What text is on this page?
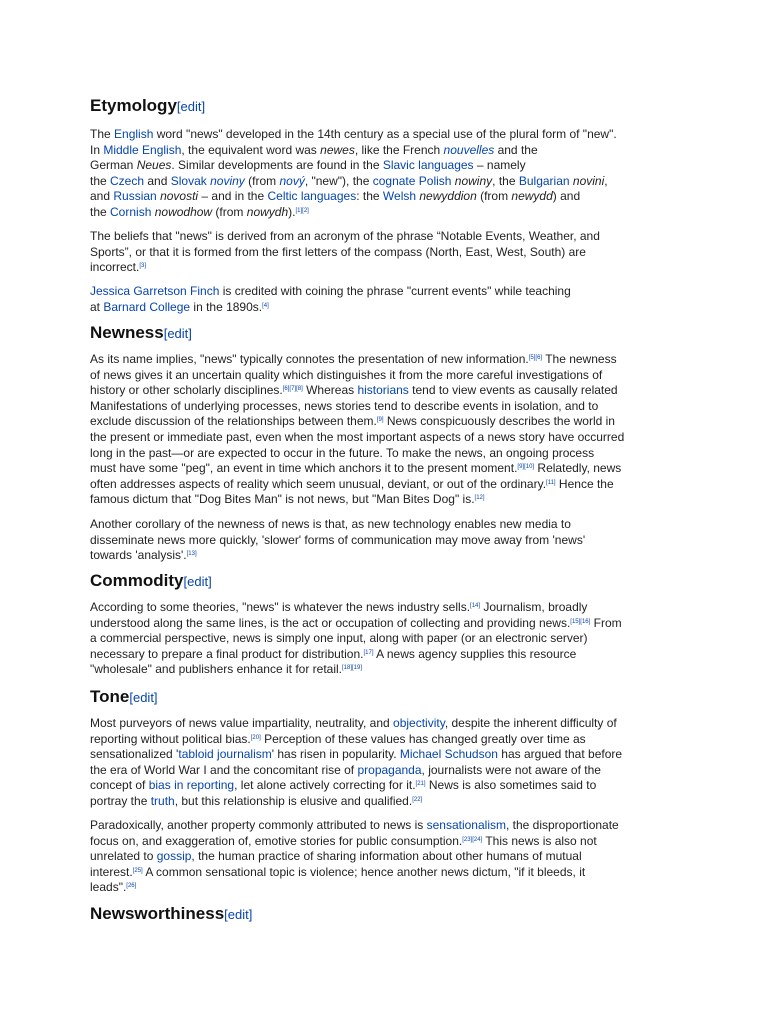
Etymology[edit]

The English word "news" developed in the 14th century as a special use of the plural form of "new".
In Middle English, the equivalent word was newes, like the French nouvelles and the
German Neues. Similar developments are found in the Slavic languages – namely
the Czech and Slovak noviny (from nový, "new"), the cognate Polish nowiny, the Bulgarian novini,
and Russian novosti – and in the Celtic languages: the Welsh newyddion (from newydd) and
the Cornish nowodhow (from nowydh).[1][2]

The beliefs that "news" is derived from an acronym of the phrase “Notable Events, Weather, and
Sports”, or that it is formed from the first letters of the compass (North, East, West, South) are
incorrect.[3]

Jessica Garretson Finch is credited with coining the phrase "current events" while teaching
at Barnard College in the 1890s.[4]

Newness[edit]

As its name implies, "news" typically connotes the presentation of new information.[5][6] The newness
of news gives it an uncertain quality which distinguishes it from the more careful investigations of
history or other scholarly disciplines.[6][7][8] Whereas historians tend to view events as causally related
Manifestations of underlying processes, news stories tend to describe events in isolation, and to
exclude discussion of the relationships between them.[9] News conspicuously describes the world in
the present or immediate past, even when the most important aspects of a news story have occurred
long in the past—or are expected to occur in the future. To make the news, an ongoing process
must have some "peg", an event in time which anchors it to the present moment.[9][10] Relatedly, news
often addresses aspects of reality which seem unusual, deviant, or out of the ordinary.[11] Hence the
famous dictum that "Dog Bites Man" is not news, but "Man Bites Dog" is.[12]

Another corollary of the newness of news is that, as new technology enables new media to
disseminate news more quickly, 'slower' forms of communication may move away from 'news'
towards 'analysis'.[13]

Commodity[edit]

According to some theories, "news" is whatever the news industry sells.[14] Journalism, broadly
understood along the same lines, is the act or occupation of collecting and providing news.[15][16] From
a commercial perspective, news is simply one input, along with paper (or an electronic server)
necessary to prepare a final product for distribution.[17] A news agency supplies this resource
"wholesale" and publishers enhance it for retail.[18][19]

Tone[edit]

Most purveyors of news value impartiality, neutrality, and objectivity, despite the inherent difficulty of
reporting without political bias.[20] Perception of these values has changed greatly over time as
sensationalized 'tabloid journalism' has risen in popularity. Michael Schudson has argued that before
the era of World War I and the concomitant rise of propaganda, journalists were not aware of the
concept of bias in reporting, let alone actively correcting for it.[21] News is also sometimes said to
portray the truth, but this relationship is elusive and qualified.[22]

Paradoxically, another property commonly attributed to news is sensationalism, the disproportionate
focus on, and exaggeration of, emotive stories for public consumption.[23][24] This news is also not
unrelated to gossip, the human practice of sharing information about other humans of mutual
interest.[25] A common sensational topic is violence; hence another news dictum, "if it bleeds, it
leads".[26]

Newsworthiness[edit]
